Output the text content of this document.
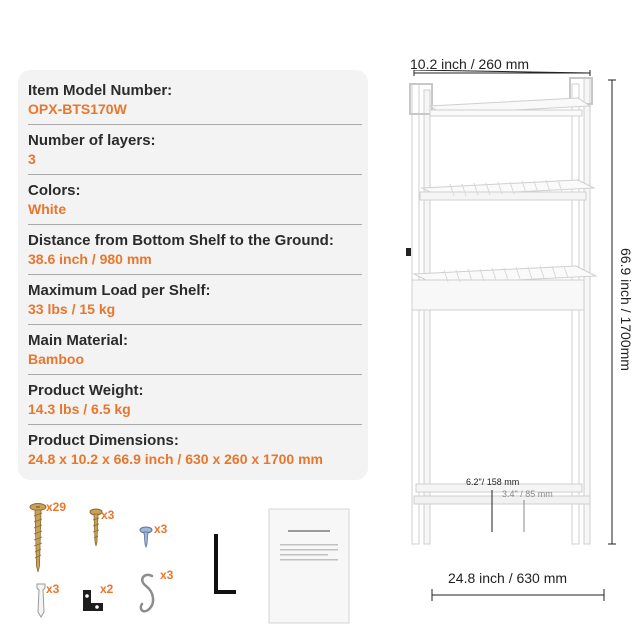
Item Model Number:
OPX-BTS170W
Number of layers:
3
Colors:
White
Distance from Bottom Shelf to the Ground:
38.6 inch / 980 mm
Maximum Load per Shelf:
33 lbs / 15 kg
Main Material:
Bamboo
Product Weight:
14.3 lbs / 6.5 kg
Product Dimensions:
24.8 x 10.2 x 66.9 inch / 630 x 260 x 1700 mm
x29
x3
x3
x3	x2
x3
10.2 inch / 260 mm
66.9 inch / 1700mm
24.8 inch / 630 mm
6.2"/ 158 mm
3.4" / 85 mm
